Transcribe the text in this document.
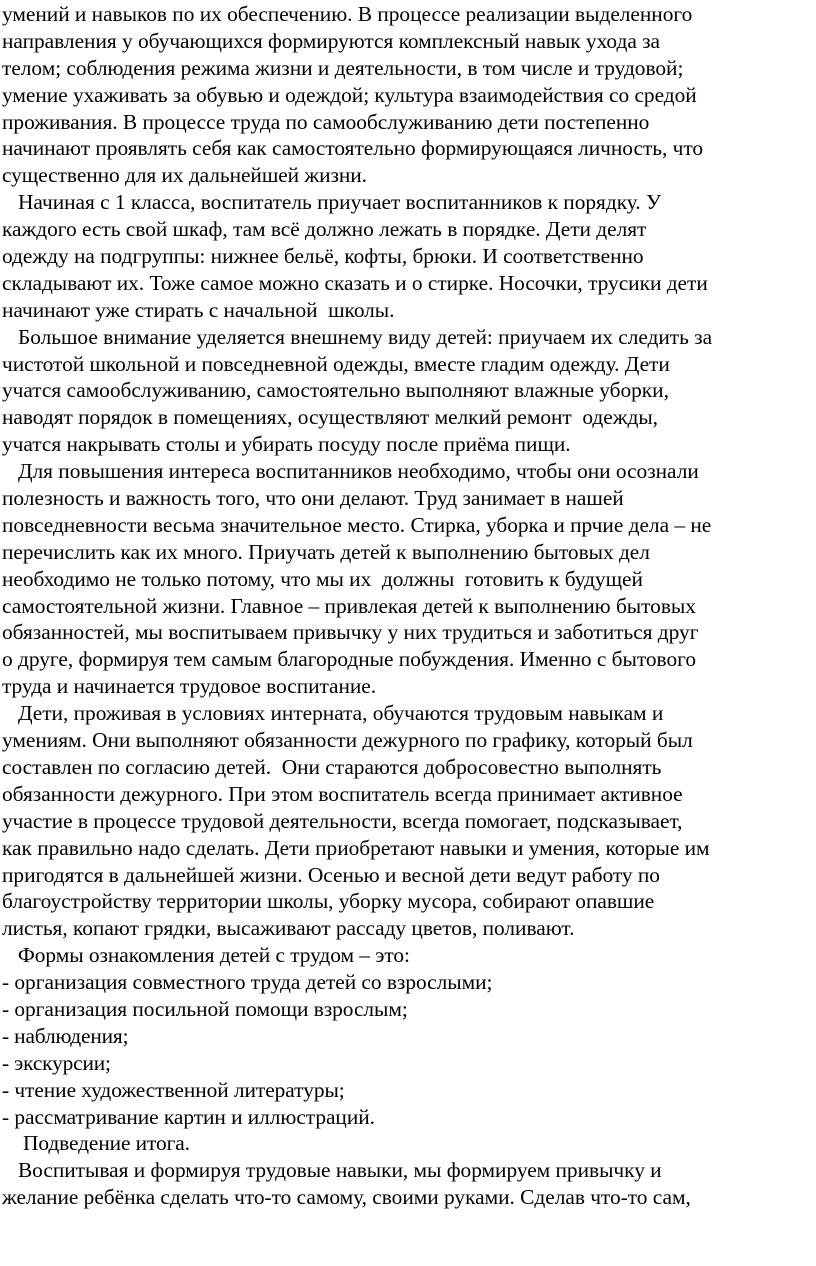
умений и навыков по их обеспечению. В процессе реализации выделенного
направления у обучающихся формируются комплексный навык ухода за
телом; соблюдения режима жизни и деятельности, в том числе и трудовой;
умение ухаживать за обувью и одеждой; культура взаимодействия со средой
проживания. В процессе труда по самообслуживанию дети постепенно
начинают проявлять себя как самостоятельно формирующаяся личность, что
существенно для их дальнейшей жизни.
Начиная с 1 класса, воспитатель приучает воспитанников к порядку. У
каждого есть свой шкаф, там всё должно лежать в порядке. Дети делят
одежду на подгруппы: нижнее бельё, кофты, брюки. И соответственно
складывают их. Тоже самое можно сказать и о стирке. Носочки, трусики дети
начинают уже стирать с начальной  школы.
Большое внимание уделяется внешнему виду детей: приучаем их следить за
чистотой школьной и повседневной одежды, вместе гладим одежду. Дети
учатся самообслуживанию, самостоятельно выполняют влажные уборки,
наводят порядок в помещениях, осуществляют мелкий ремонт  одежды,
учатся накрывать столы и убирать посуду после приёма пищи.
Для повышения интереса воспитанников необходимо, чтобы они осознали
полезность и важность того, что они делают. Труд занимает в нашей
повседневности весьма значительное место. Стирка, уборка и прчие дела – не
перечислить как их много. Приучать детей к выполнению бытовых дел
необходимо не только потому, что мы их  должны  готовить к будущей
самостоятельной жизни. Главное – привлекая детей к выполнению бытовых
обязанностей, мы воспитываем привычку у них трудиться и заботиться друг
о друге, формируя тем самым благородные побуждения. Именно с бытового
труда и начинается трудовое воспитание.
Дети, проживая в условиях интерната, обучаются трудовым навыкам и
умениям. Они выполняют обязанности дежурного по графику, который был
составлен по согласию детей.  Они стараются добросовестно выполнять
обязанности дежурного. При этом воспитатель всегда принимает активное
участие в процессе трудовой деятельности, всегда помогает, подсказывает,
как правильно надо сделать. Дети приобретают навыки и умения, которые им
пригодятся в дальнейшей жизни. Осенью и весной дети ведут работу по
благоустройству территории школы, уборку мусора, собирают опавшие
листья, копают грядки, высаживают рассаду цветов, поливают.
Формы ознакомления детей с трудом – это:
- организация совместного труда детей со взрослыми;
- организация посильной помощи взрослым;
- наблюдения;
- экскурсии;
- чтение художественной литературы;
- рассматривание картин и иллюстраций.
Подведение итога.
Воспитывая и формируя трудовые навыки, мы формируем привычку и
желание ребёнка сделать что-то самому, своими руками. Сделав что-то сам,
